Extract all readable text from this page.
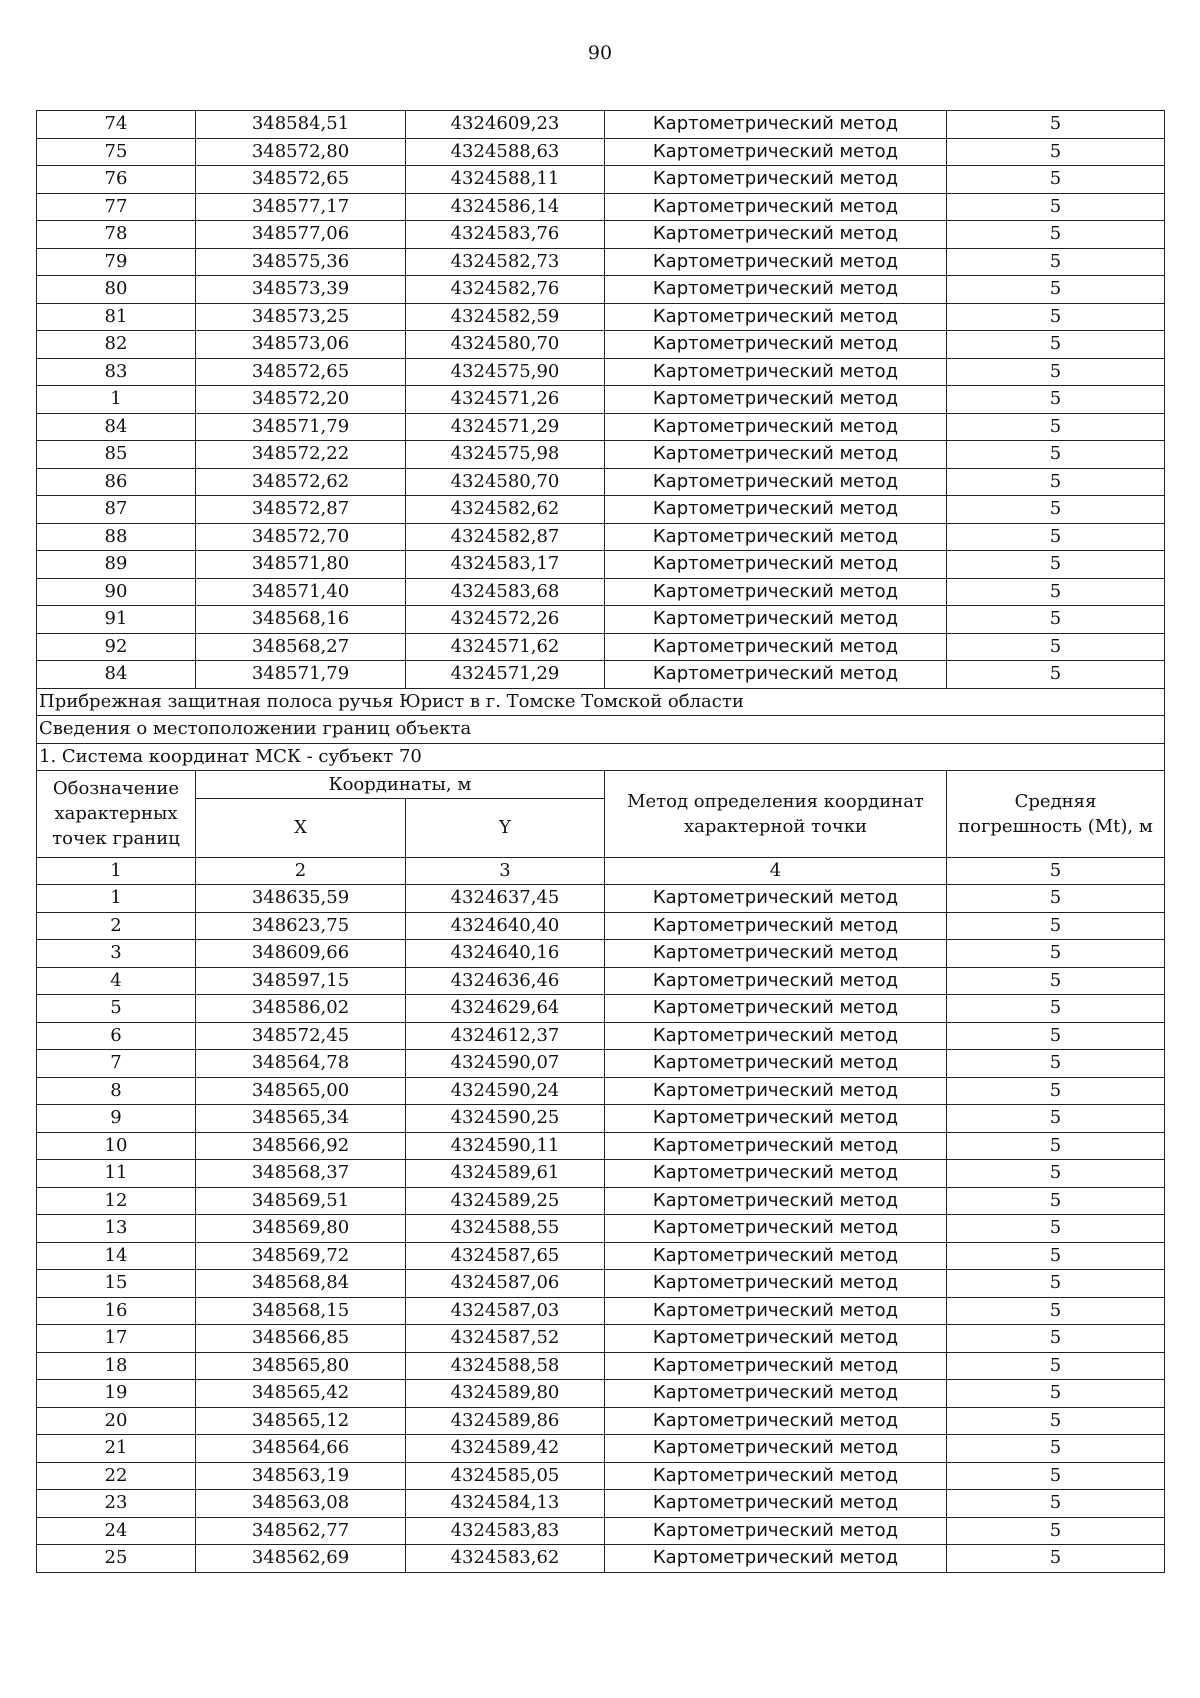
90
74	348584,51	4324609,23	Картометрический метод	5
75	348572,80	4324588,63	Картометрический метод	5
76	348572,65	4324588,11	Картометрический метод	5
77	348577,17	4324586,14	Картометрический метод	5
78	348577,06	4324583,76	Картометрический метод	5
79	348575,36	4324582,73	Картометрический метод	5
80	348573,39	4324582,76	Картометрический метод	5
81	348573,25	4324582,59	Картометрический метод	5
82	348573,06	4324580,70	Картометрический метод	5
83	348572,65	4324575,90	Картометрический метод	5
1	348572,20	4324571,26	Картометрический метод	5
84	348571,79	4324571,29	Картометрический метод	5
85	348572,22	4324575,98	Картометрический метод	5
86	348572,62	4324580,70	Картометрический метод	5
87	348572,87	4324582,62	Картометрический метод	5
88	348572,70	4324582,87	Картометрический метод	5
89	348571,80	4324583,17	Картометрический метод	5
90	348571,40	4324583,68	Картометрический метод	5
91	348568,16	4324572,26	Картометрический метод	5
92	348568,27	4324571,62	Картометрический метод	5
84	348571,79	4324571,29	Картометрический метод	5
Прибрежная защитная полоса ручья Юрист в г. Томске Томской области				
Сведения о местоположении границ объекта				
1. Система координат МСК - субъект 70				
Обозначение характерных точек границ	Координаты, м		Метод определения координат характерной точки	Средняя погрешность (Mt), м
	X	Y		
1	2	3	4	5
1	348635,59	4324637,45	Картометрический метод	5
2	348623,75	4324640,40	Картометрический метод	5
3	348609,66	4324640,16	Картометрический метод	5
4	348597,15	4324636,46	Картометрический метод	5
5	348586,02	4324629,64	Картометрический метод	5
6	348572,45	4324612,37	Картометрический метод	5
7	348564,78	4324590,07	Картометрический метод	5
8	348565,00	4324590,24	Картометрический метод	5
9	348565,34	4324590,25	Картометрический метод	5
10	348566,92	4324590,11	Картометрический метод	5
11	348568,37	4324589,61	Картометрический метод	5
12	348569,51	4324589,25	Картометрический метод	5
13	348569,80	4324588,55	Картометрический метод	5
14	348569,72	4324587,65	Картометрический метод	5
15	348568,84	4324587,06	Картометрический метод	5
16	348568,15	4324587,03	Картометрический метод	5
17	348566,85	4324587,52	Картометрический метод	5
18	348565,80	4324588,58	Картометрический метод	5
19	348565,42	4324589,80	Картометрический метод	5
20	348565,12	4324589,86	Картометрический метод	5
21	348564,66	4324589,42	Картометрический метод	5
22	348563,19	4324585,05	Картометрический метод	5
23	348563,08	4324584,13	Картометрический метод	5
24	348562,77	4324583,83	Картометрический метод	5
25	348562,69	4324583,62	Картометрический метод	5
